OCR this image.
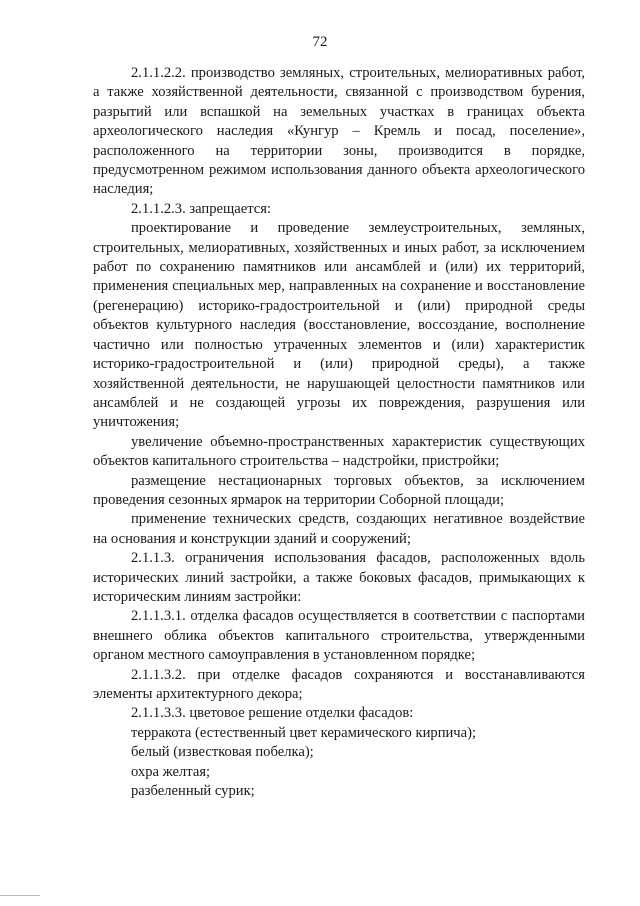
72

2.1.1.2.2. производство земляных, строительных, мелиоративных работ, а также хозяйственной деятельности, связанной с производством бурения, разрытий или вспашкой на земельных участках в границах объекта археологического наследия «Кунгур – Кремль и посад, поселение», расположенного на территории зоны, производится в порядке, предусмотренном режимом использования данного объекта археологического наследия;

2.1.1.2.3. запрещается:

проектирование и проведение землеустроительных, земляных, строительных, мелиоративных, хозяйственных и иных работ, за исключением работ по сохранению памятников или ансамблей и (или) их территорий, применения специальных мер, направленных на сохранение и восстановление (регенерацию) историко-градостроительной и (или) природной среды объектов культурного наследия (восстановление, воссоздание, восполнение частично или полностью утраченных элементов и (или) характеристик историко-градостроительной и (или) природной среды), а также хозяйственной деятельности, не нарушающей целостности памятников или ансамблей и не создающей угрозы их повреждения, разрушения или уничтожения;

увеличение объемно-пространственных характеристик существующих объектов капитального строительства – надстройки, пристройки;

размещение нестационарных торговых объектов, за исключением проведения сезонных ярмарок на территории Соборной площади;

применение технических средств, создающих негативное воздействие на основания и конструкции зданий и сооружений;

2.1.1.3. ограничения использования фасадов, расположенных вдоль исторических линий застройки, а также боковых фасадов, примыкающих к историческим линиям застройки:

2.1.1.3.1. отделка фасадов осуществляется в соответствии с паспортами внешнего облика объектов капитального строительства, утвержденными органом местного самоуправления в установленном порядке;

2.1.1.3.2. при отделке фасадов сохраняются и восстанавливаются элементы архитектурного декора;

2.1.1.3.3. цветовое решение отделки фасадов:

терракота (естественный цвет керамического кирпича);

белый (известковая побелка);

охра желтая;

разбеленный сурик;
